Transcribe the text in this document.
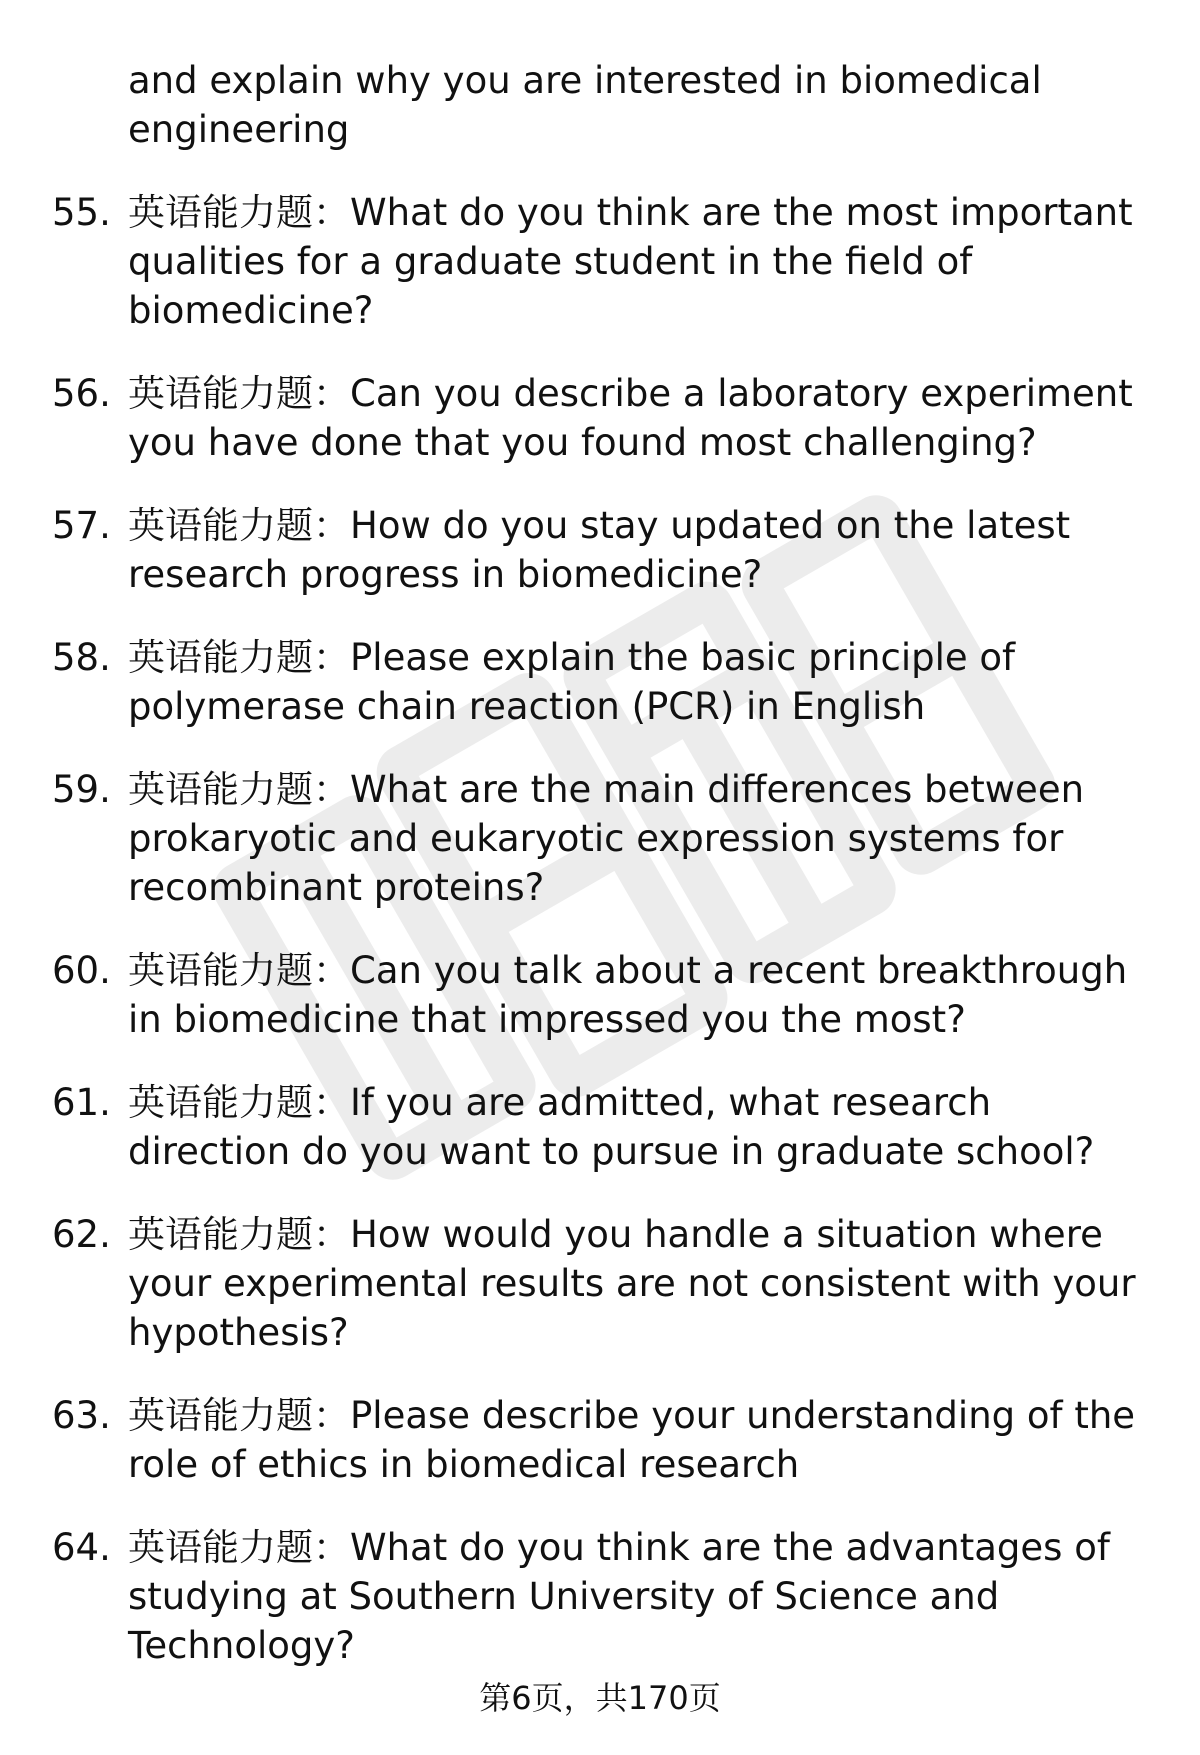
and explain why you are interested in biomedical engineering
55. 英语能力题：What do you think are the most important qualities for a graduate student in the field of biomedicine?
56. 英语能力题：Can you describe a laboratory experiment you have done that you found most challenging?
57. 英语能力题：How do you stay updated on the latest research progress in biomedicine?
58. 英语能力题：Please explain the basic principle of polymerase chain reaction (PCR) in English
59. 英语能力题：What are the main differences between prokaryotic and eukaryotic expression systems for recombinant proteins?
60. 英语能力题：Can you talk about a recent breakthrough in biomedicine that impressed you the most?
61. 英语能力题：If you are admitted, what research direction do you want to pursue in graduate school?
62. 英语能力题：How would you handle a situation where your experimental results are not consistent with your hypothesis?
63. 英语能力题：Please describe your understanding of the role of ethics in biomedical research
64. 英语能力题：What do you think are the advantages of studying at Southern University of Science and Technology?
第6页，共170页
